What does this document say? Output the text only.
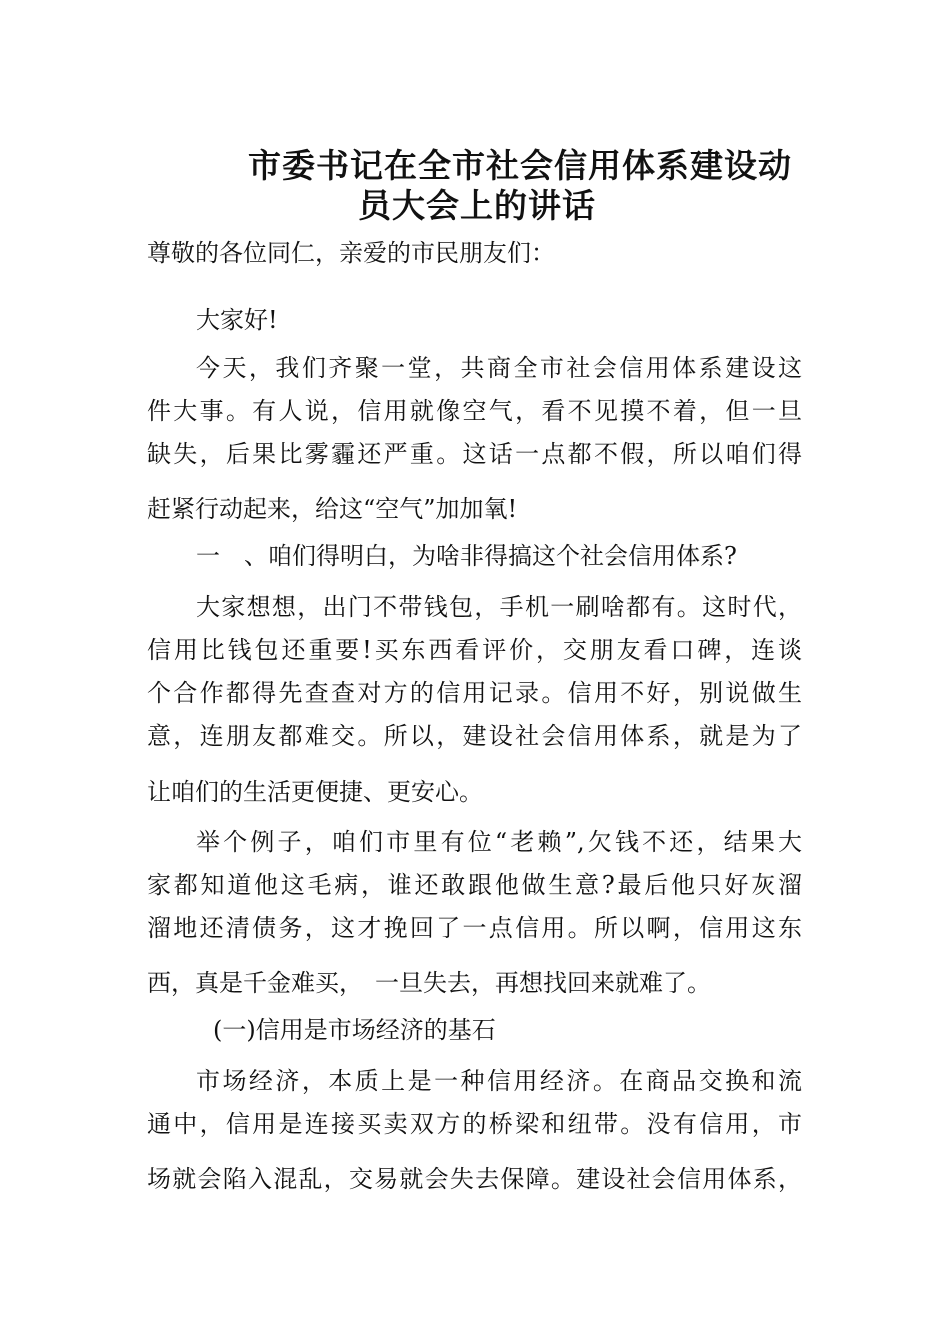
市委书记在全市社会信用体系建设动
员大会上的讲话

尊敬的各位同仁，亲爱的市民朋友们：

大家好!

今天，我们齐聚一堂，共商全市社会信用体系建设这

件大事。有人说，信用就像空气，看不见摸不着，但一旦

缺失，后果比雾霾还严重。这话一点都不假，所以咱们得

赶紧行动起来，给这“空气”加加氧!

一　、咱们得明白，为啥非得搞这个社会信用体系?

大家想想，出门不带钱包，手机一刷啥都有。这时代，

信用比钱包还重要!买东西看评价，交朋友看口碑，连谈

个合作都得先查查对方的信用记录。信用不好，别说做生

意，连朋友都难交。所以，建设社会信用体系，就是为了

让咱们的生活更便捷、更安心。

举个例子，咱们市里有位“老赖”,欠钱不还，结果大

家都知道他这毛病，谁还敢跟他做生意?最后他只好灰溜

溜地还清债务，这才挽回了一点信用。所以啊，信用这东

西，真是千金难买，　一旦失去，再想找回来就难了。

(一)信用是市场经济的基石

市场经济，本质上是一种信用经济。在商品交换和流

通中，信用是连接买卖双方的桥梁和纽带。没有信用，市

场就会陷入混乱，交易就会失去保障。建设社会信用体系，
